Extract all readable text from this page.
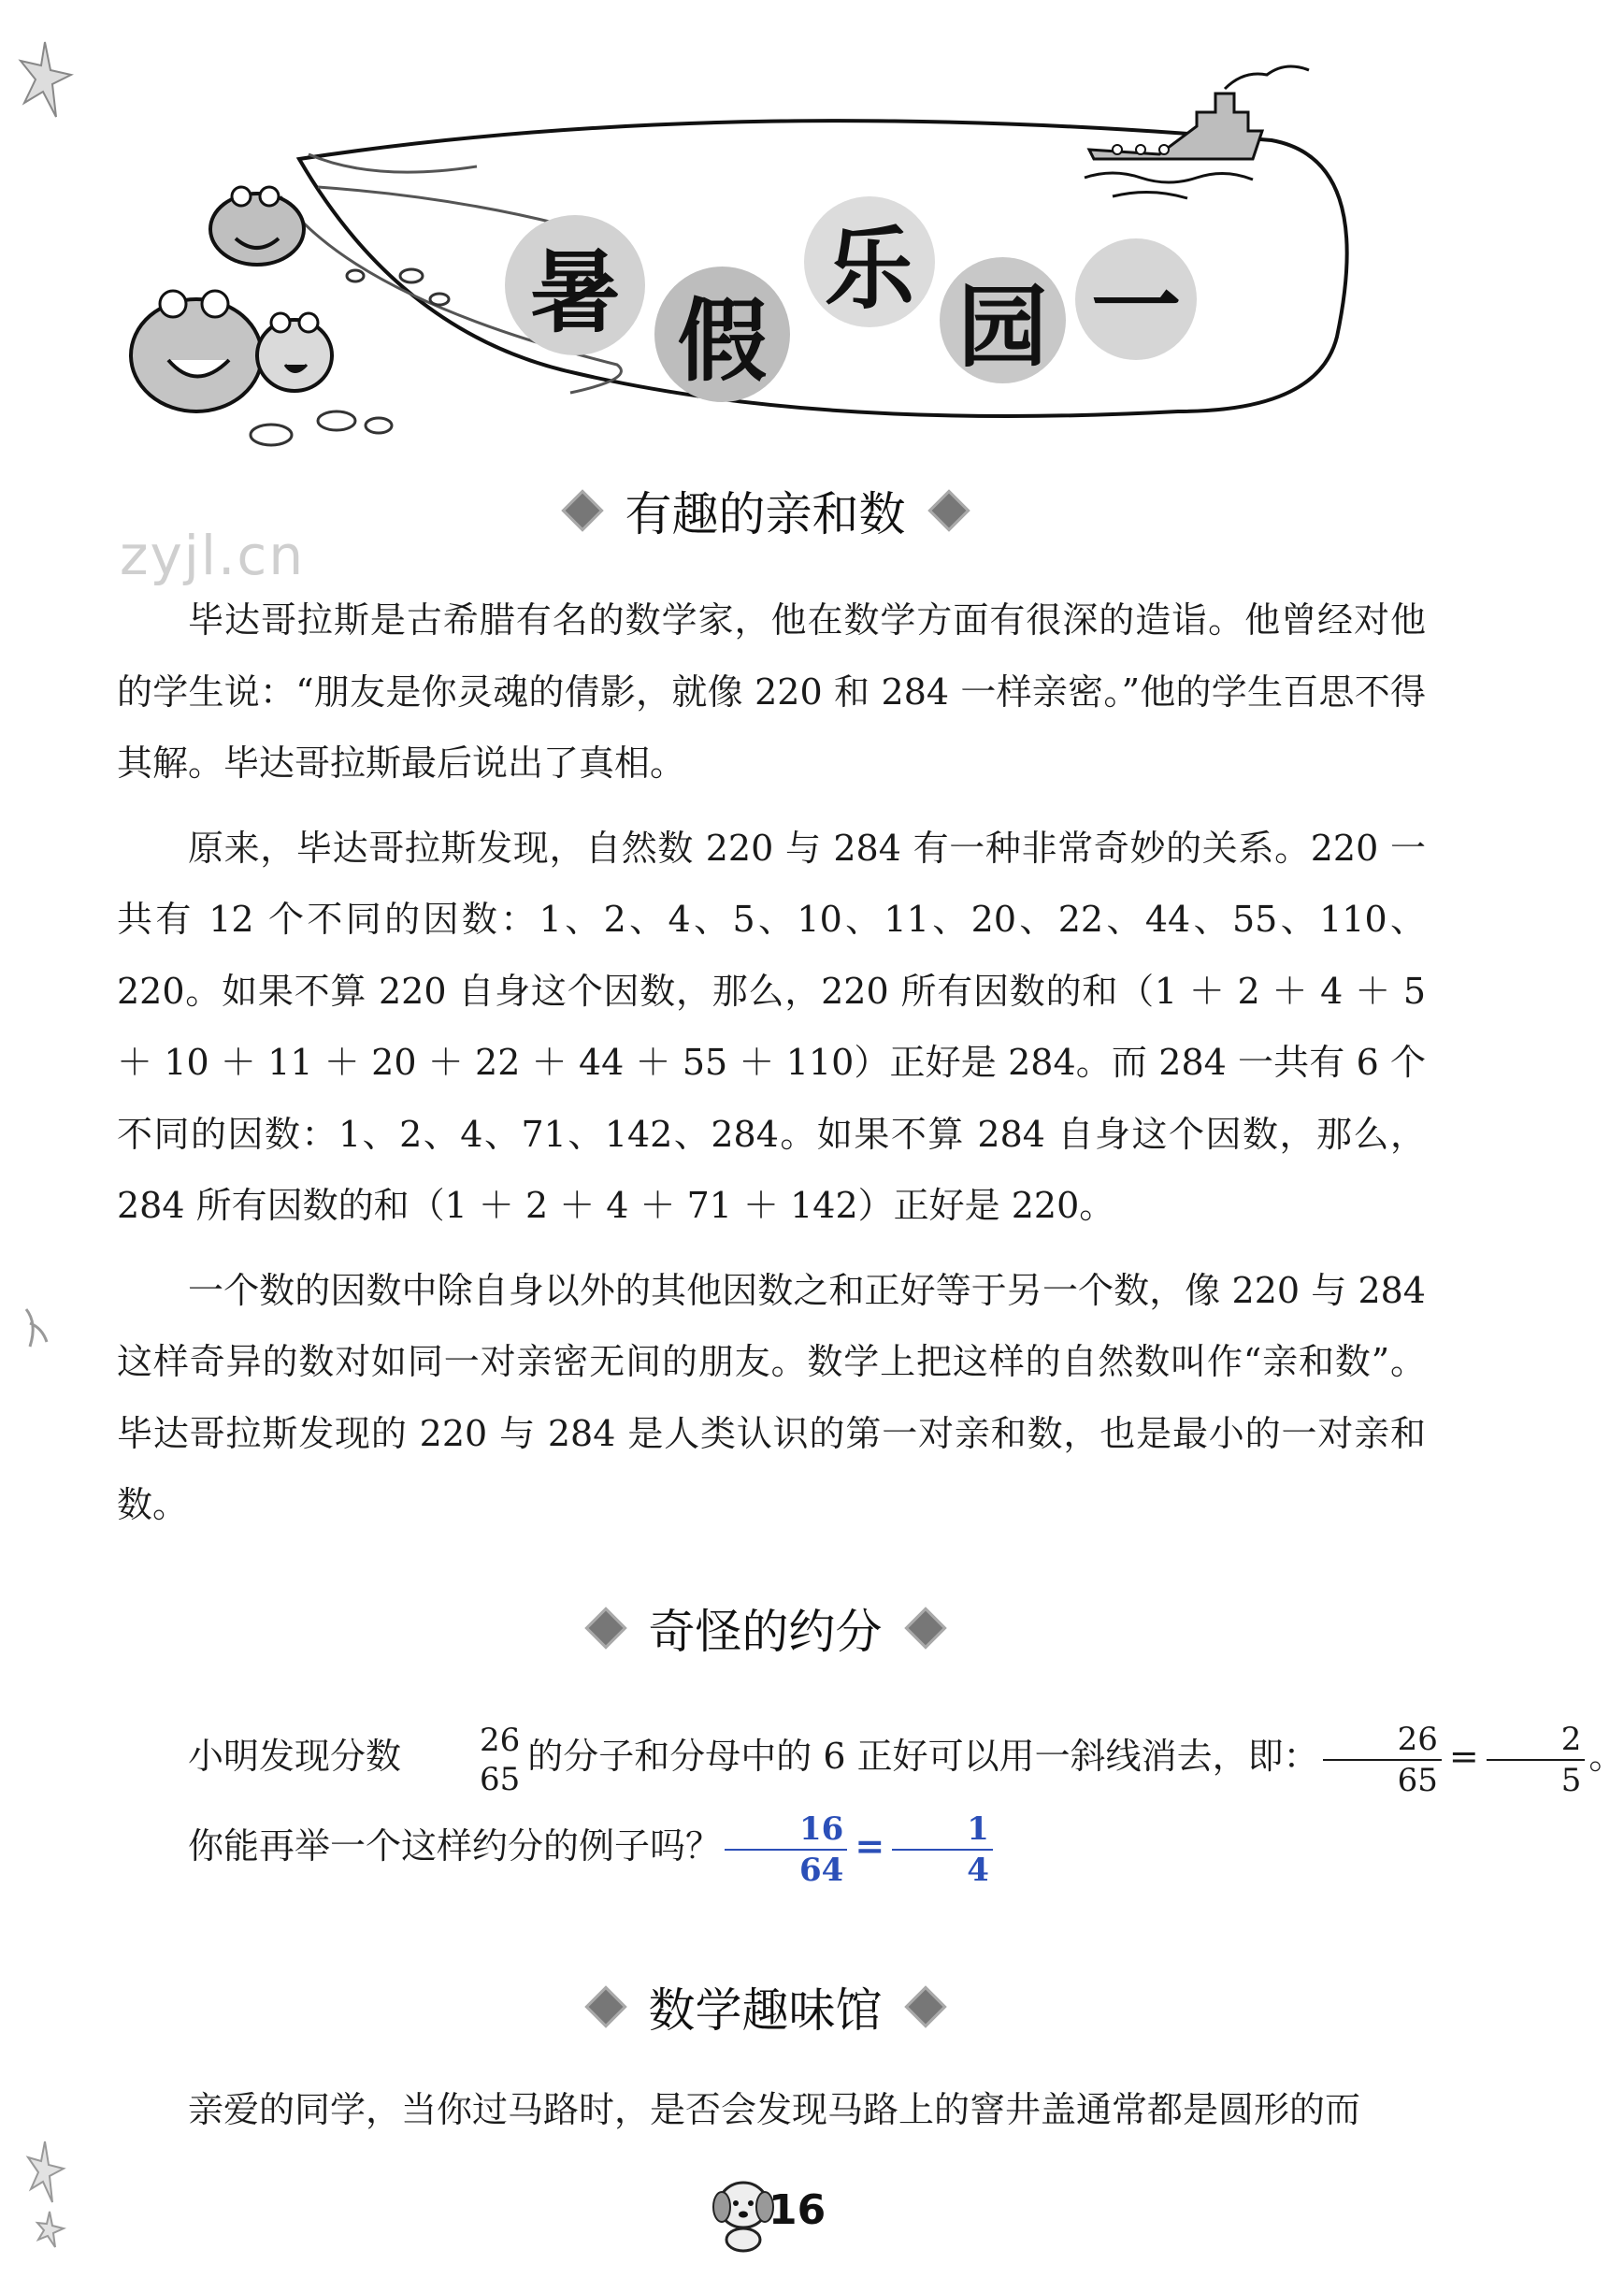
暑 假
乐
园 一
zyjl.cn
有趣的亲和数

毕达哥拉斯是古希腊有名的数学家，他在数学方面有很深的造诣。他曾经对他的学生说：“朋友是你灵魂的倩影，就像 220 和 284 一样亲密。”他的学生百思不得其解。毕达哥拉斯最后说出了真相。

原来，毕达哥拉斯发现，自然数 220 与 284 有一种非常奇妙的关系。220 一共有 12 个不同的因数：1、2、4、5、10、11、20、22、44、55、110、220。如果不算 220 自身这个因数，那么，220 所有因数的和（1 ＋ 2 ＋ 4 ＋ 5 ＋ 10 ＋ 11 ＋ 20 ＋ 22 ＋ 44 ＋ 55 ＋ 110）正好是 284。而 284 一共有 6 个不同的因数：1、2、4、71、142、284。如果不算 284 自身这个因数，那么，284 所有因数的和（1 ＋ 2 ＋ 4 ＋ 71 ＋ 142）正好是 220。

一个数的因数中除自身以外的其他因数之和正好等于另一个数，像 220 与 284 这样奇异的数对如同一对亲密无间的朋友。数学上把这样的自然数叫作“亲和数”。毕达哥拉斯发现的 220 与 284 是人类认识的第一对亲和数，也是最小的一对亲和数。

奇怪的约分
小明发现分数	26
65
的分子和分母中的 6 正好可以用一斜线消去，即： $\frac{26}{65} = \frac{2}{5}$ 。
你能再举一个这样约分的例子吗？ $\frac{16}{64} = \frac{1}{4}$
数学趣味馆

亲爱的同学，当你过马路时，是否会发现马路上的窨井盖通常都是圆形的而

16
